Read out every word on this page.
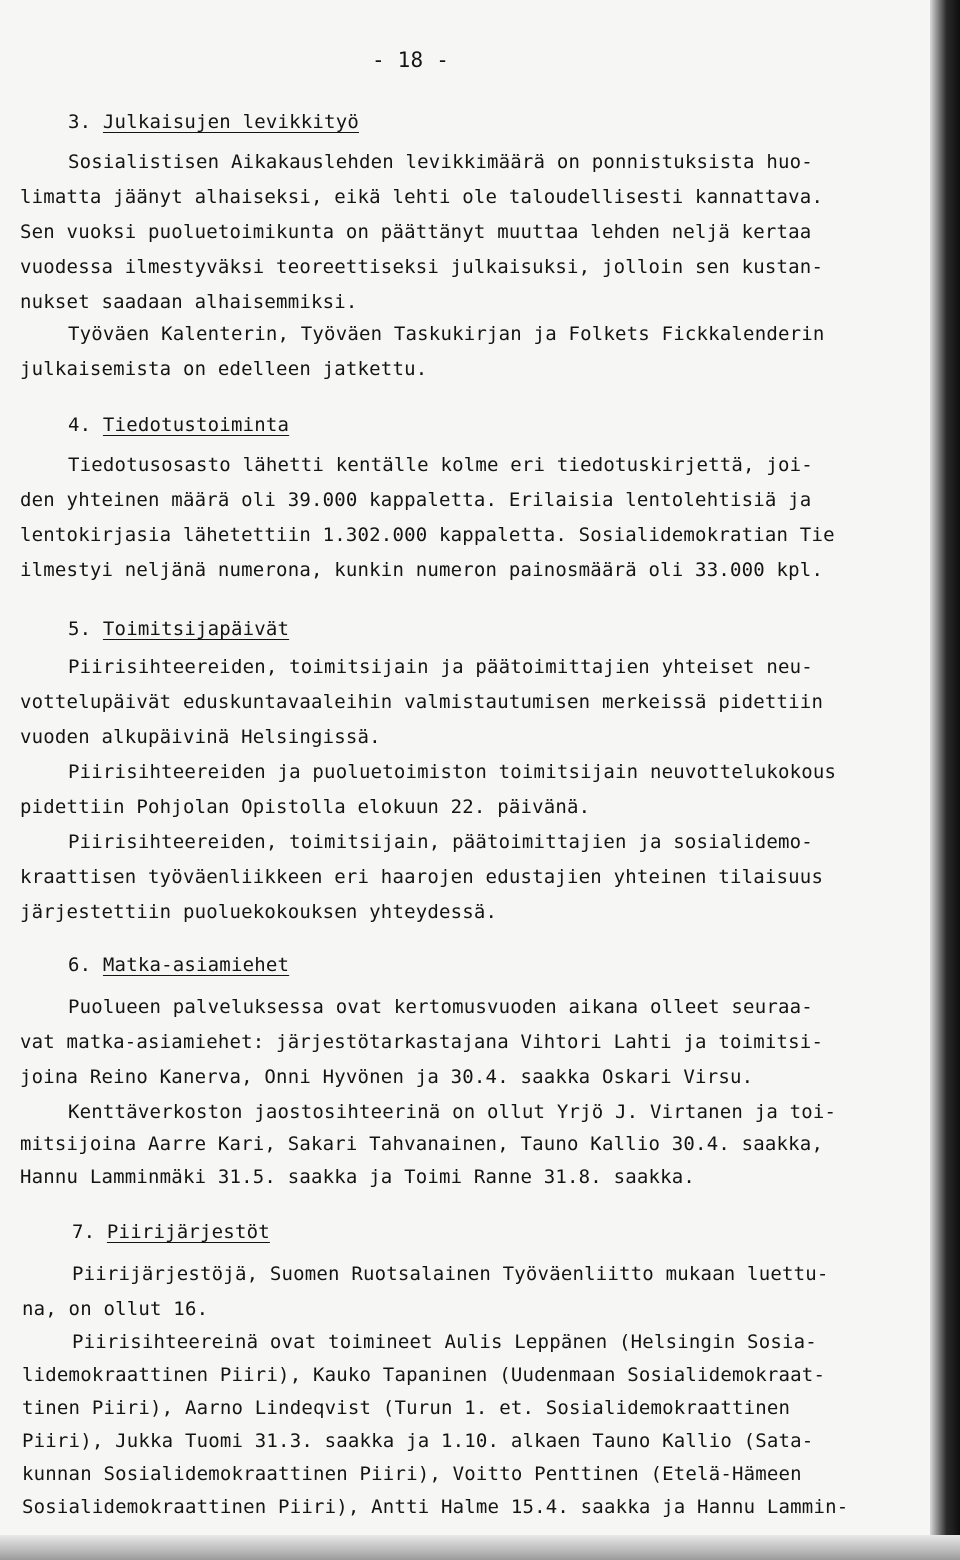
- 18 -
3. Julkaisujen levikkityö
Sosialistisen Aikakauslehden levikkimäärä on ponnistuksista huo-
limatta jäänyt alhaiseksi, eikä lehti ole taloudellisesti kannattava.
Sen vuoksi puoluetoimikunta on päättänyt muuttaa lehden neljä kertaa
vuodessa ilmestyväksi teoreettiseksi julkaisuksi, jolloin sen kustan-
nukset saadaan alhaisemmiksi.
Työväen Kalenterin, Työväen Taskukirjan ja Folkets Fickkalenderin
julkaisemista on edelleen jatkettu.
4. Tiedotustoiminta
Tiedotusosasto lähetti kentälle kolme eri tiedotuskirjettä, joi-
den yhteinen määrä oli 39.000 kappaletta. Erilaisia lentolehtisiä ja
lentokirjasia lähetettiin 1.302.000 kappaletta. Sosialidemokratian Tie
ilmestyi neljänä numerona, kunkin numeron painosmäärä oli 33.000 kpl.
5. Toimitsijapäivät
Piirisihteereiden, toimitsijain ja päätoimittajien yhteiset neu-
votteluрäivät eduskuntavaaleihin valmistautumisen merkeissä pidettiin
vuoden alkupäivinä Helsingissä.
Piirisihteereiden ja puoluetoimiston toimitsijain neuvottelukokous
pidettiin Pohjolan Opistolla elokuun 22. päivänä.
Piirisihteereiden, toimitsijain, päätoimittajien ja sosialidemo-
kraattisen työväenliikkeen eri haarojen edustajien yhteinen tilaisuus
järjestettiin puoluekokouksen yhteydessä.
6. Matka-asiamiehet
Puolueen palveluksessa ovat kertomusvuoden aikana olleet seuraa-
vat matka-asiamiehet: järjestötarkastajana Vihtori Lahti ja toimitsi-
joina Reino Kanerva, Onni Hyvönen ja 30.4. saakka Oskari Virsu.
Kenttäverkoston jaostosihteerinä on ollut Yrjö J. Virtanen ja toi-
mitsijoina Aarre Kari, Sakari Tahvanainen, Tauno Kallio 30.4. saakka,
Hannu Lamminmäki 31.5. saakka ja Toimi Ranne 31.8. saakka.
7. Piirijärjestöt
Piirijärjestöjä, Suomen Ruotsalainen Työväenliitto mukaan luettu-
na, on ollut 16.
Piirisihteereinä ovat toimineet Aulis Leppänen (Helsingin Sosia-
lidemokraattinen Piiri), Kauko Tapaninen (Uudenmaan Sosialidemokraat-
tinen Piiri), Aarno Lindeqvist (Turun 1. et. Sosialidemokraattinen
Piiri), Jukka Tuomi 31.3. saakka ja 1.10. alkaen Tauno Kallio (Sata-
kunnan Sosialidemokraattinen Piiri), Voitto Penttinen (Etelä-Hämeen
Sosialidemokraattinen Piiri), Antti Halme 15.4. saakka ja Hannu Lammin-
